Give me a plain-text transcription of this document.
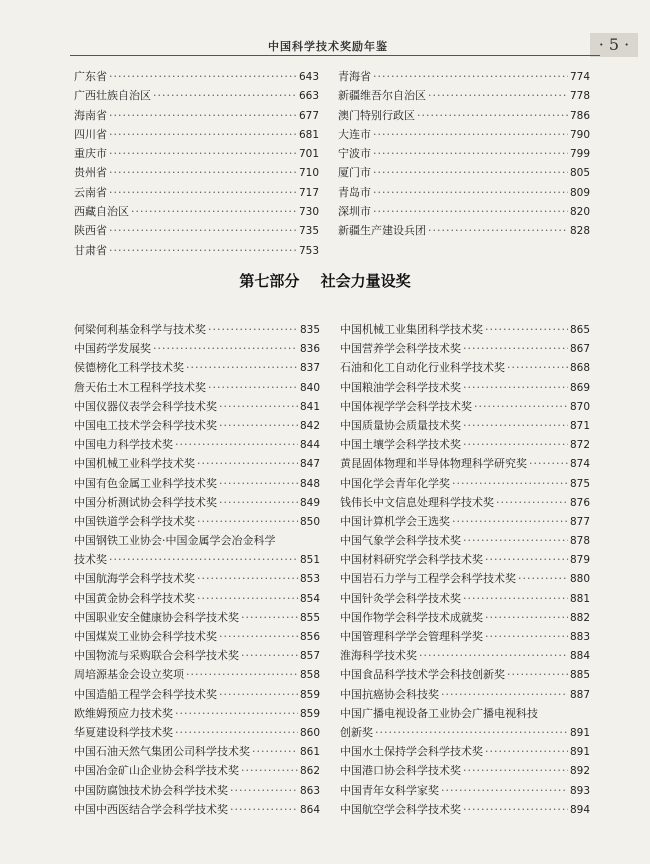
中国科学技术奖励年鉴	· 5 ·
广东省 ·····	643
广西壮族自治区 ·····	663
海南省 ·····	677
四川省 ·····	681
重庆市 ·····	701
贵州省 ·····	710
云南省 ·····	717
西藏自治区 ·····	730
陕西省 ·····	735
甘肃省 ·····	753
青海省 ·····	774
新疆维吾尔自治区 ·····	778
澳门特别行政区 ·····	786
大连市 ·····	790
宁波市 ·····	799
厦门市 ·····	805
青岛市 ·····	809
深圳市 ·····	820
新疆生产建设兵团 ·····	828
第七部分 社会力量设奖
何梁何利基金科学与技术奖 ·····	835
中国药学发展奖 ·····	836
侯德榜化工科学技术奖 ·····	837
詹天佑土木工程科学技术奖 ·····	840
中国仪器仪表学会科学技术奖 ·····	841
中国电工技术学会科学技术奖 ·····	842
中国电力科学技术奖 ·····	844
中国机械工业科学技术奖 ·····	847
中国有色金属工业科学技术奖 ·····	848
中国分析测试协会科学技术奖 ·····	849
中国铁道学会科学技术奖 ·····	850
中国钢铁工业协会·中国金属学会冶金科学
技术奖 ·····	851
中国航海学会科学技术奖 ·····	853
中国黄金协会科学技术奖 ·····	854
中国职业安全健康协会科学技术奖 ·····	855
中国煤炭工业协会科学技术奖 ·····	856
中国物流与采购联合会科学技术奖 ·····	857
周培源基金会设立奖项 ·····	858
中国造船工程学会科学技术奖 ·····	859
欧维姆预应力技术奖 ·····	859
华夏建设科学技术奖 ·····	860
中国石油天然气集团公司科学技术奖 ·····	861
中国冶金矿山企业协会科学技术奖 ·····	862
中国防腐蚀技术协会科学技术奖 ·····	863
中国中西医结合学会科学技术奖 ·····	864
中国机械工业集团科学技术奖 ·····	865
中国营养学会科学技术奖 ·····	867
石油和化工自动化行业科学技术奖 ·····	868
中国粮油学会科学技术奖 ·····	869
中国体视学学会科学技术奖 ·····	870
中国质量协会质量技术奖 ·····	871
中国土壤学会科学技术奖 ·····	872
黄昆固体物理和半导体物理科学研究奖 ·····	874
中国化学会青年化学奖 ·····	875
钱伟长中文信息处理科学技术奖 ·····	876
中国计算机学会王选奖 ·····	877
中国气象学会科学技术奖 ·····	878
中国材料研究学会科学技术奖 ·····	879
中国岩石力学与工程学会科学技术奖 ·····	880
中国针灸学会科学技术奖 ·····	881
中国作物学会科学技术成就奖 ·····	882
中国管理科学学会管理科学奖 ·····	883
淮海科学技术奖 ·····	884
中国食品科学技术学会科技创新奖 ·····	885
中国抗癌协会科技奖 ·····	887
中国广播电视设备工业协会广播电视科技
创新奖 ·····	891
中国水土保持学会科学技术奖 ·····	891
中国港口协会科学技术奖 ·····	892
中国青年女科学家奖 ·····	893
中国航空学会科学技术奖 ·····	894
